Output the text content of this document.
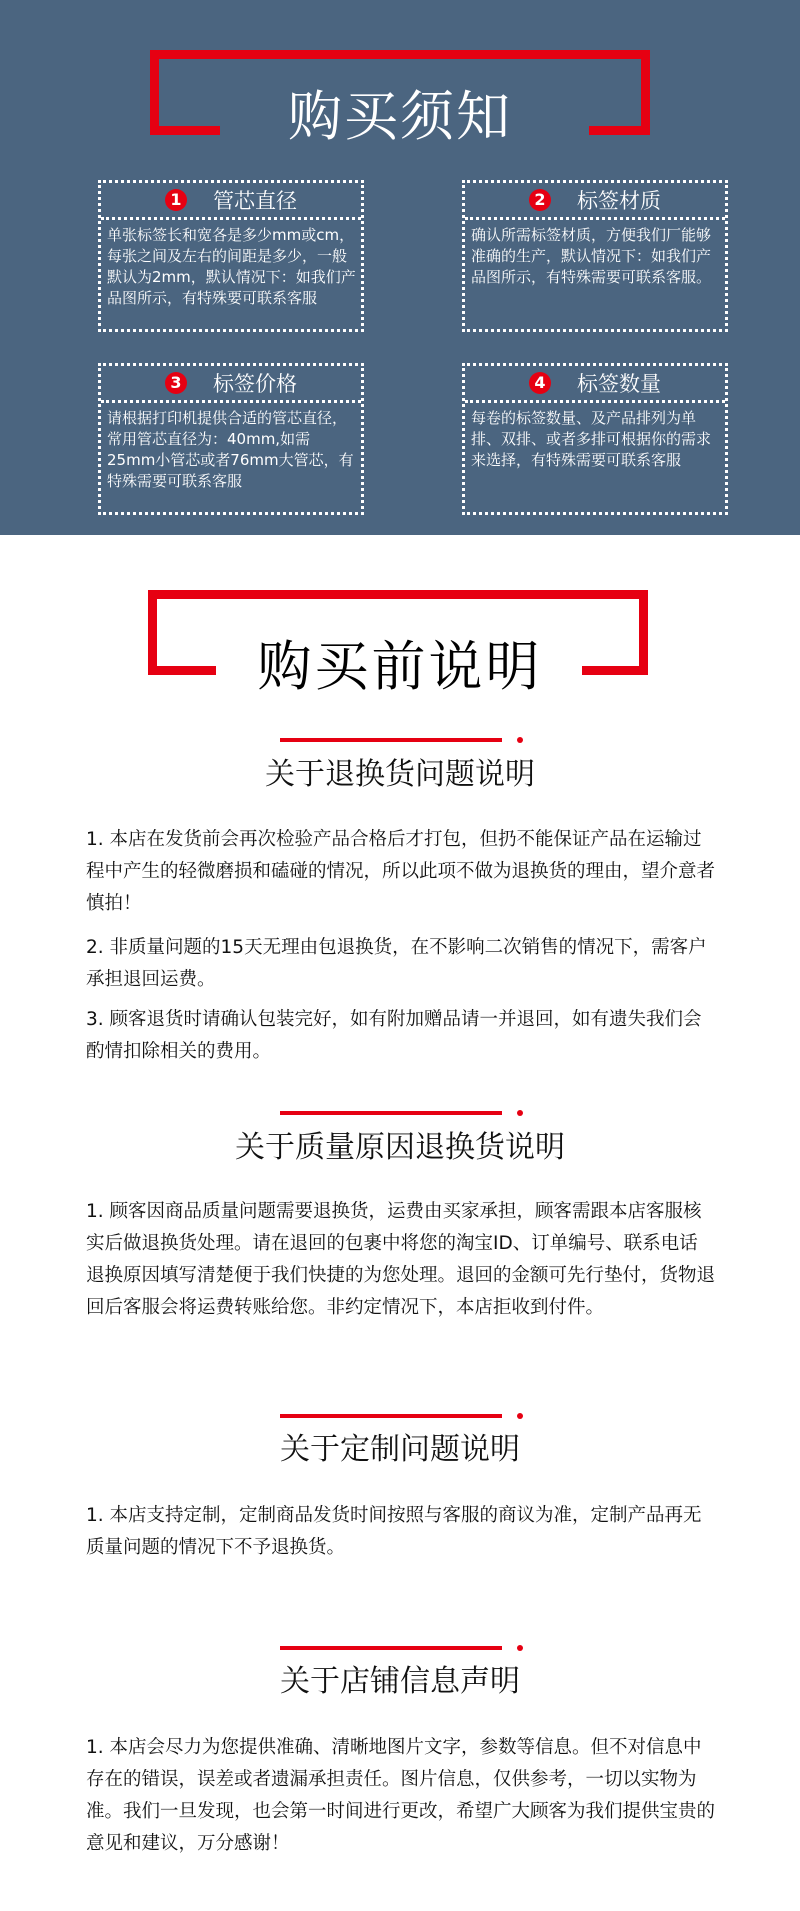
购买须知
1 管芯直径
单张标签长和宽各是多少mm或cm，每张之间及左右的间距是多少，一般默认为2mm，默认情况下：如我们产品图所示，有特殊要可联系客服
2 标签材质
确认所需标签材质，方便我们厂能够准确的生产，默认情况下：如我们产品图所示，有特殊需要可联系客服。
3 标签价格
请根据打印机提供合适的管芯直径，常用管芯直径为：40mm,如需25mm小管芯或者76mm大管芯，有特殊需要可联系客服
4 标签数量
每卷的标签数量、及产品排列为单排、双排、或者多排可根据你的需求来选择，有特殊需要可联系客服
购买前说明
关于退换货问题说明
1. 本店在发货前会再次检验产品合格后才打包，但扔不能保证产品在运输过程中产生的轻微磨损和磕碰的情况，所以此项不做为退换货的理由，望介意者慎拍！
2. 非质量问题的15天无理由包退换货，在不影响二次销售的情况下，需客户承担退回运费。
3. 顾客退货时请确认包装完好，如有附加赠品请一并退回，如有遗失我们会酌情扣除相关的费用。
关于质量原因退换货说明
1. 顾客因商品质量问题需要退换货，运费由买家承担，顾客需跟本店客服核实后做退换货处理。请在退回的包裹中将您的淘宝ID、订单编号、联系电话退换原因填写清楚便于我们快捷的为您处理。退回的金额可先行垫付，货物退回后客服会将运费转账给您。非约定情况下，本店拒收到付件。
关于定制问题说明
1. 本店支持定制，定制商品发货时间按照与客服的商议为准，定制产品再无质量问题的情况下不予退换货。
关于店铺信息声明
1. 本店会尽力为您提供准确、清晰地图片文字，参数等信息。但不对信息中存在的错误，误差或者遗漏承担责任。图片信息，仅供参考，一切以实物为准。我们一旦发现，也会第一时间进行更改，希望广大顾客为我们提供宝贵的意见和建议，万分感谢！
